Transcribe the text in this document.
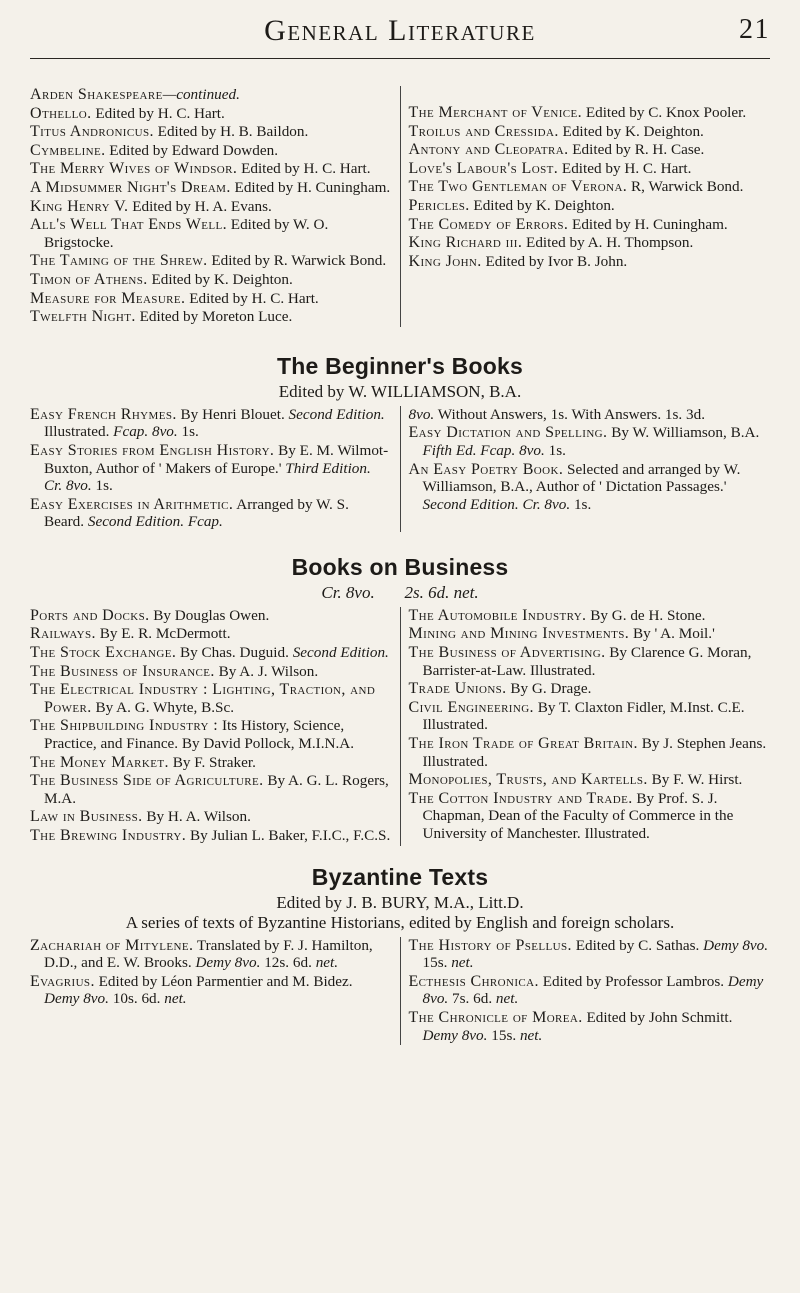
General Literature	21
Arden Shakespeare—continued.
Othello. Edited by H. C. Hart.
Titus Andronicus. Edited by H. B. Baildon.
Cymbeline. Edited by Edward Dowden.
The Merry Wives of Windsor. Edited by H. C. Hart.
A Midsummer Night's Dream. Edited by H. Cuningham.
King Henry V. Edited by H. A. Evans.
All's Well That Ends Well. Edited by W. O. Brigstocke.
The Taming of the Shrew. Edited by R. Warwick Bond.
Timon of Athens. Edited by K. Deighton.
Measure for Measure. Edited by H. C. Hart.
Twelfth Night. Edited by Moreton Luce.
The Merchant of Venice. Edited by C. Knox Pooler.
Troilus and Cressida. Edited by K. Deighton.
Antony and Cleopatra. Edited by R. H. Case.
Love's Labour's Lost. Edited by H. C. Hart.
The Two Gentleman of Verona. R, Warwick Bond.
Pericles. Edited by K. Deighton.
The Comedy of Errors. Edited by H. Cuningham.
King Richard iii. Edited by A. H. Thompson.
King John. Edited by Ivor B. John.
The Beginner's Books
Edited by W. WILLIAMSON, B.A.
Easy French Rhymes. By Henri Blouet. Second Edition. Illustrated. Fcap. 8vo. 1s.
Easy Stories from English History. By E. M. Wilmot-Buxton, Author of ' Makers of Europe.' Third Edition. Cr. 8vo. 1s.
Easy Exercises in Arithmetic. Arranged by W. S. Beard. Second Edition. Fcap.
8vo. Without Answers, 1s. With Answers. 1s. 3d.
Easy Dictation and Spelling. By W. Williamson, B.A. Fifth Ed. Fcap. 8vo. 1s.
An Easy Poetry Book. Selected and arranged by W. Williamson, B.A., Author of ' Dictation Passages.' Second Edition. Cr. 8vo. 1s.
Books on Business
Cr. 8vo. 2s. 6d. net.
Ports and Docks. By Douglas Owen.
Railways. By E. R. McDermott.
The Stock Exchange. By Chas. Duguid. Second Edition.
The Business of Insurance. By A. J. Wilson.
The Electrical Industry : Lighting, Traction, and Power. By A. G. Whyte, B.Sc.
The Shipbuilding Industry : Its History, Science, Practice, and Finance. By David Pollock, M.I.N.A.
The Money Market. By F. Straker.
The Business Side of Agriculture. By A. G. L. Rogers, M.A.
Law in Business. By H. A. Wilson.
The Brewing Industry. By Julian L. Baker, F.I.C., F.C.S.
The Automobile Industry. By G. de H. Stone.
Mining and Mining Investments. By ' A. Moil.'
The Business of Advertising. By Clarence G. Moran, Barrister-at-Law. Illustrated.
Trade Unions. By G. Drage.
Civil Engineering. By T. Claxton Fidler, M.Inst. C.E. Illustrated.
The Iron Trade of Great Britain. By J. Stephen Jeans. Illustrated.
Monopolies, Trusts, and Kartells. By F. W. Hirst.
The Cotton Industry and Trade. By Prof. S. J. Chapman, Dean of the Faculty of Commerce in the University of Manchester. Illustrated.
Byzantine Texts
Edited by J. B. BURY, M.A., Litt.D.
A series of texts of Byzantine Historians, edited by English and foreign scholars.
Zachariah of Mitylene. Translated by F. J. Hamilton, D.D., and E. W. Brooks. Demy 8vo. 12s. 6d. net.
Evagrius. Edited by Léon Parmentier and M. Bidez. Demy 8vo. 10s. 6d. net.
The History of Psellus. Edited by C. Sathas. Demy 8vo. 15s. net.
Ecthesis Chronica. Edited by Professor Lambros. Demy 8vo. 7s. 6d. net.
The Chronicle of Morea. Edited by John Schmitt. Demy 8vo. 15s. net.
